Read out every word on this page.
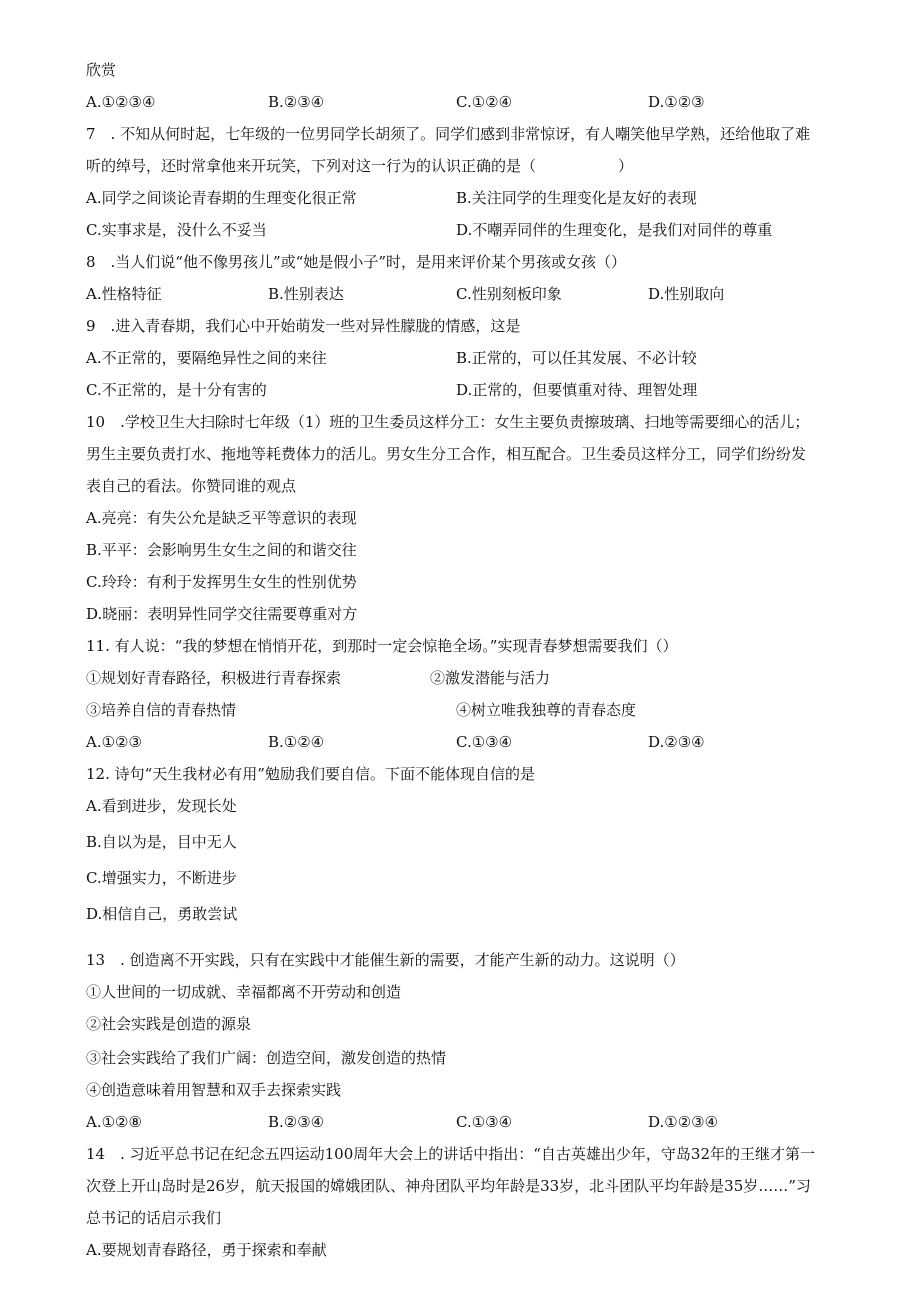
欣赏
A.①②③④	B.②③④	C.①②④	D.①②③
7　. 不知从何时起，七年级的一位男同学长胡须了。同学们感到非常惊讶，有人嘲笑他早学熟，还给他取了难
听的绰号，还时常拿他来开玩笑，下列对这一行为的认识正确的是（	）
A.同学之间谈论青春期的生理变化很正常	B.关注同学的生理变化是友好的表现
C.实事求是，没什么不妥当	D.不嘲弄同伴的生理变化，是我们对同伴的尊重
8　.当人们说“他不像男孩儿”或“她是假小子”时，是用来评价某个男孩或女孩（）
A.性格特征	B.性别表达	C.性别刻板印象	D.性别取向
9　.进入青春期，我们心中开始萌发一些对异性朦胧的情感，这是
A.不正常的，要隔绝异性之间的来往	B.正常的，可以任其发展、不必计较
C.不正常的，是十分有害的	D.正常的，但要慎重对待、理智处理
10　.学校卫生大扫除时七年级（1）班的卫生委员这样分工：女生主要负责擦玻璃、扫地等需要细心的活儿；
男生主要负责打水、拖地等耗费体力的活儿。男女生分工合作，相互配合。卫生委员这样分工，同学们纷纷发
表自己的看法。你赞同谁的观点
A.亮亮：有失公允是缺乏平等意识的表现
B.平平：会影响男生女生之间的和谐交往
C.玲玲：有利于发挥男生女生的性别优势
D.晓丽：表明异性同学交往需要尊重对方
11. 有人说：“我的梦想在悄悄开花，到那时一定会惊艳全场。”实现青春梦想需要我们（）
①规划好青春路径，积极进行青春探索	②激发潜能与活力
③培养自信的青春热情	④树立唯我独尊的青春态度
A.①②③	B.①②④	C.①③④	D.②③④
12. 诗句“天生我材必有用”勉励我们要自信。下面不能体现自信的是
A.看到进步，发现长处
B.自以为是，目中无人
C.增强实力，不断进步
D.相信自己，勇敢尝试
13　. 创造离不开实践，只有在实践中才能催生新的需要，才能产生新的动力。这说明（）
①人世间的一切成就、幸福都离不开劳动和创造
②社会实践是创造的源泉
③社会实践给了我们广阔：创造空间，激发创造的热情
④创造意味着用智慧和双手去探索实践
A.①②⑧	B.②③④	C.①③④	D.①②③④
14　. 习近平总书记在纪念五四运动100周年大会上的讲话中指出：“自古英雄出少年，守岛32年的王继才第一
次登上开山岛时是26岁，航天报国的嫦娥团队、神舟团队平均年龄是33岁，北斗团队平均年龄是35岁……”习
总书记的话启示我们
A.要规划青春路径，勇于探索和奉献
